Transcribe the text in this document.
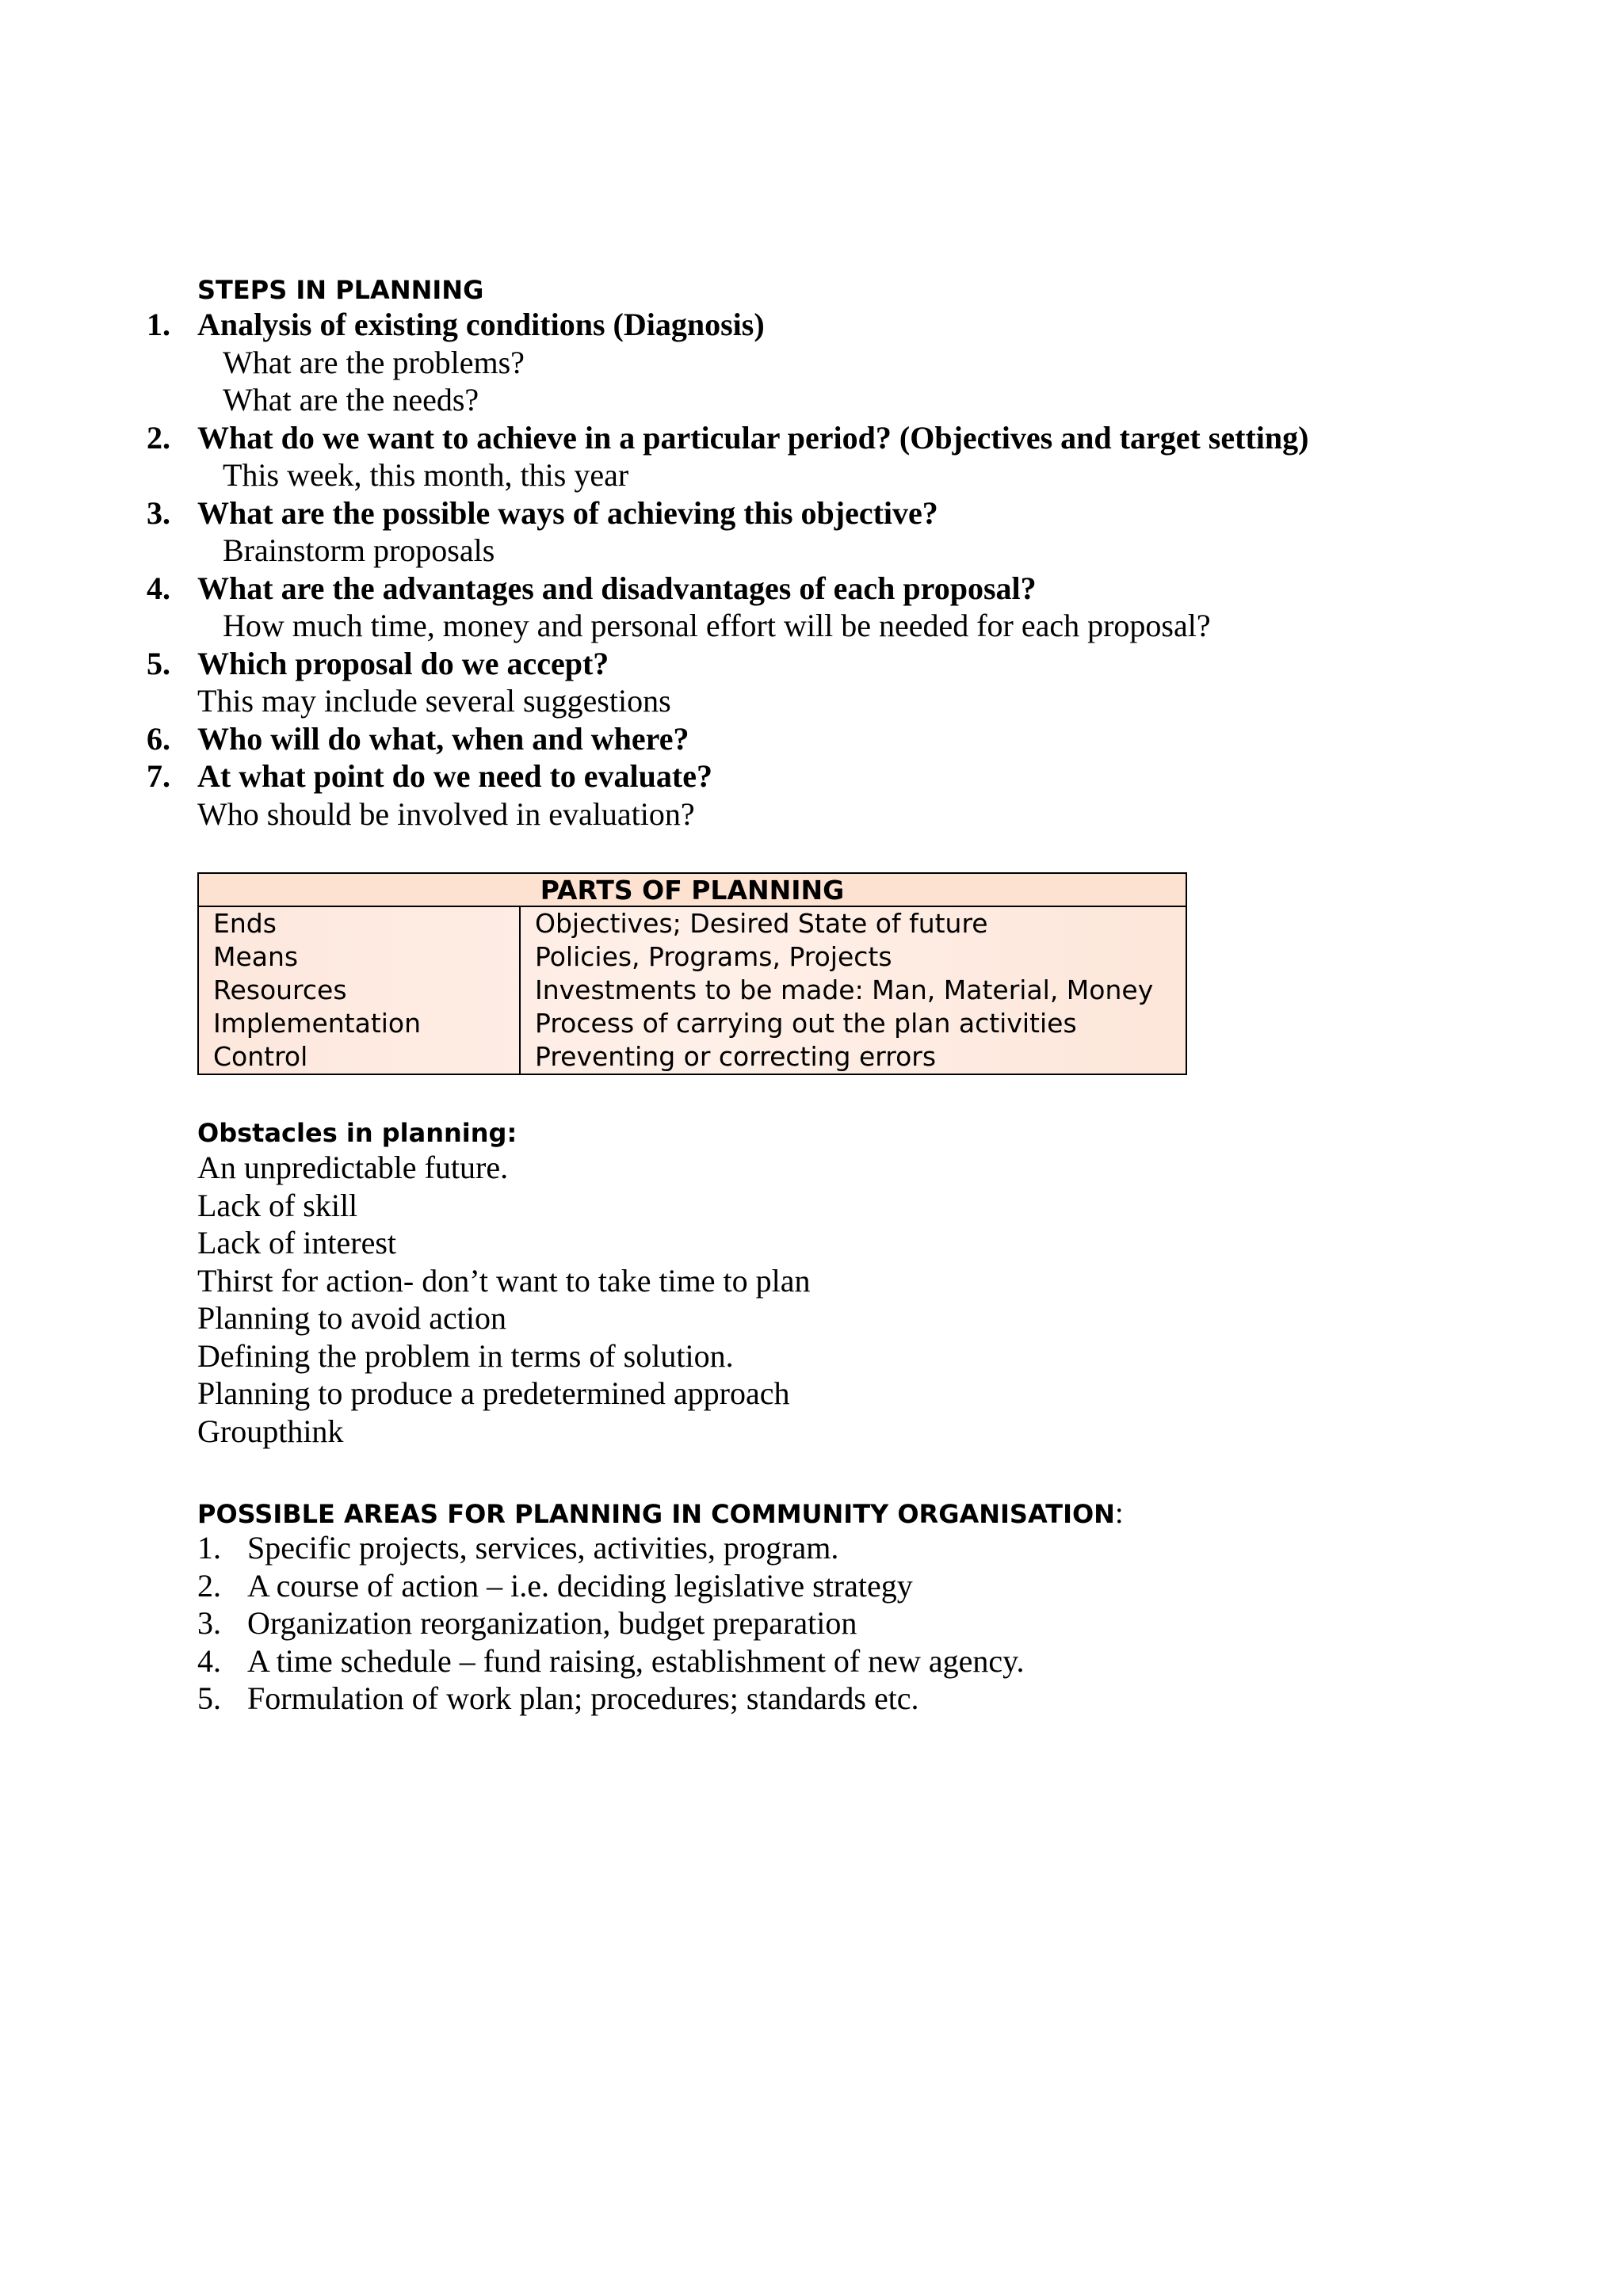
STEPS IN PLANNING
1. Analysis of existing conditions (Diagnosis)
What are the problems?
What are the needs?
2. What do we want to achieve in a particular period? (Objectives and target setting)
This week, this month, this year
3. What are the possible ways of achieving this objective?
Brainstorm proposals
4. What are the advantages and disadvantages of each proposal?
How much time, money and personal effort will be needed for each proposal?
5. Which proposal do we accept?
This may include several suggestions
6. Who will do what, when and where?
7. At what point do we need to evaluate?
Who should be involved in evaluation?
PARTS OF PLANNING
Ends	Objectives; Desired State of future
Means	Policies, Programs, Projects
Resources	Investments to be made: Man, Material, Money
Implementation	Process of carrying out the plan activities
Control	Preventing or correcting errors
Obstacles in planning:
An unpredictable future.
Lack of skill
Lack of interest
Thirst for action- don’t want to take time to plan
Planning to avoid action
Defining the problem in terms of solution.
Planning to produce a predetermined approach
Groupthink
POSSIBLE AREAS FOR PLANNING IN COMMUNITY ORGANISATION:
1. Specific projects, services, activities, program.
2. A course of action – i.e. deciding legislative strategy
3. Organization reorganization, budget preparation
4. A time schedule – fund raising, establishment of new agency.
5. Formulation of work plan; procedures; standards etc.
